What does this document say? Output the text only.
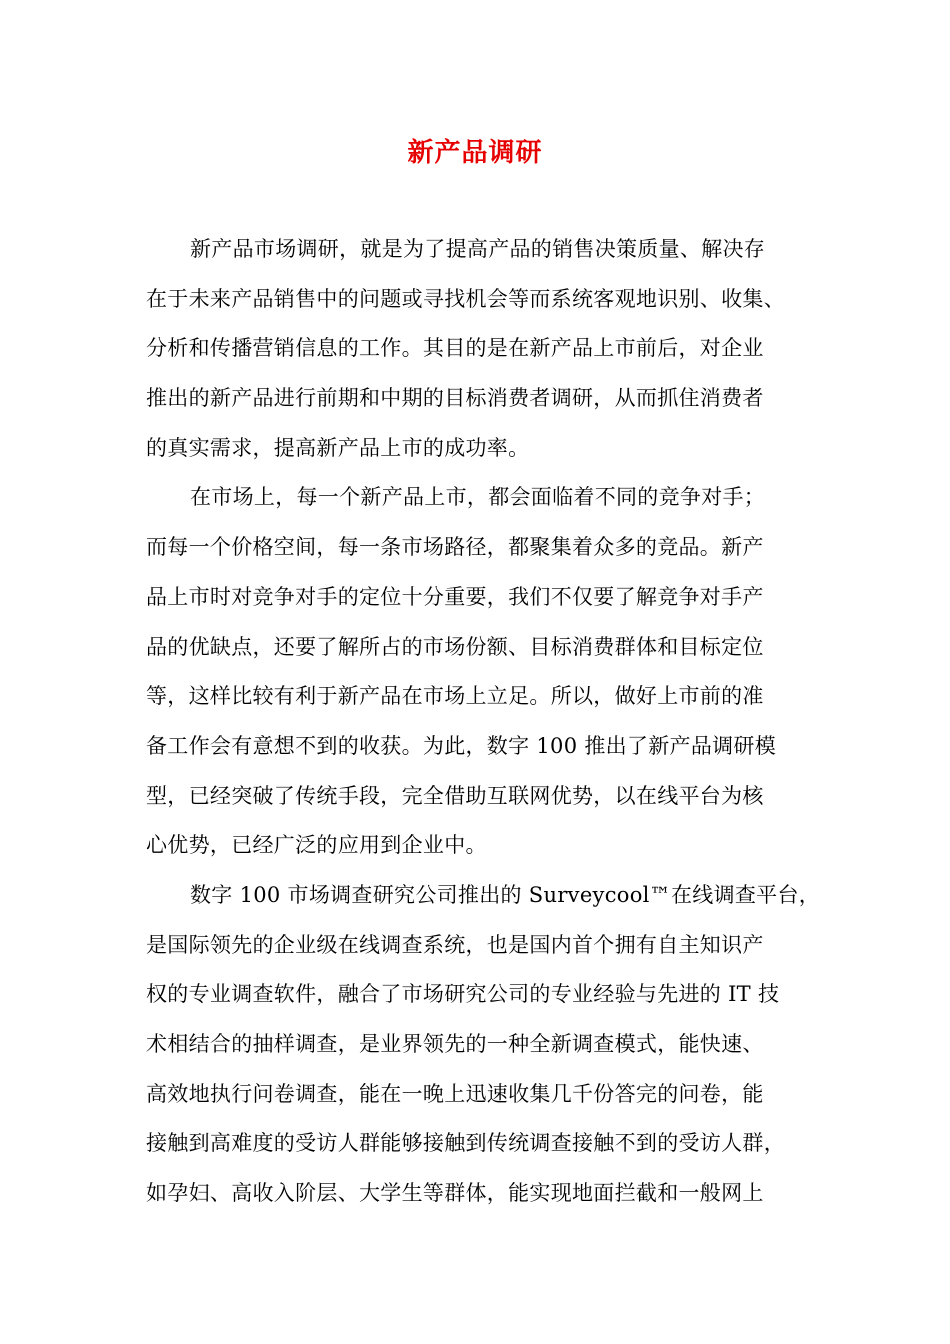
新产品调研
新产品市场调研，就是为了提高产品的销售决策质量、解决存
在于未来产品销售中的问题或寻找机会等而系统客观地识别、收集、
分析和传播营销信息的工作。其目的是在新产品上市前后，对企业
推出的新产品进行前期和中期的目标消费者调研，从而抓住消费者
的真实需求，提高新产品上市的成功率。
在市场上，每一个新产品上市，都会面临着不同的竞争对手；
而每一个价格空间，每一条市场路径，都聚集着众多的竞品。新产
品上市时对竞争对手的定位十分重要，我们不仅要了解竞争对手产
品的优缺点，还要了解所占的市场份额、目标消费群体和目标定位
等，这样比较有利于新产品在市场上立足。所以，做好上市前的准
备工作会有意想不到的收获。为此，数字 100 推出了新产品调研模
型，已经突破了传统手段，完全借助互联网优势，以在线平台为核
心优势，已经广泛的应用到企业中。
数字 100 市场调查研究公司推出的 Surveycool™在线调查平台，
是国际领先的企业级在线调查系统，也是国内首个拥有自主知识产
权的专业调查软件，融合了市场研究公司的专业经验与先进的 IT 技
术相结合的抽样调查，是业界领先的一种全新调查模式，能快速、
高效地执行问卷调查，能在一晚上迅速收集几千份答完的问卷，能
接触到高难度的受访人群能够接触到传统调查接触不到的受访人群，
如孕妇、高收入阶层、大学生等群体，能实现地面拦截和一般网上
